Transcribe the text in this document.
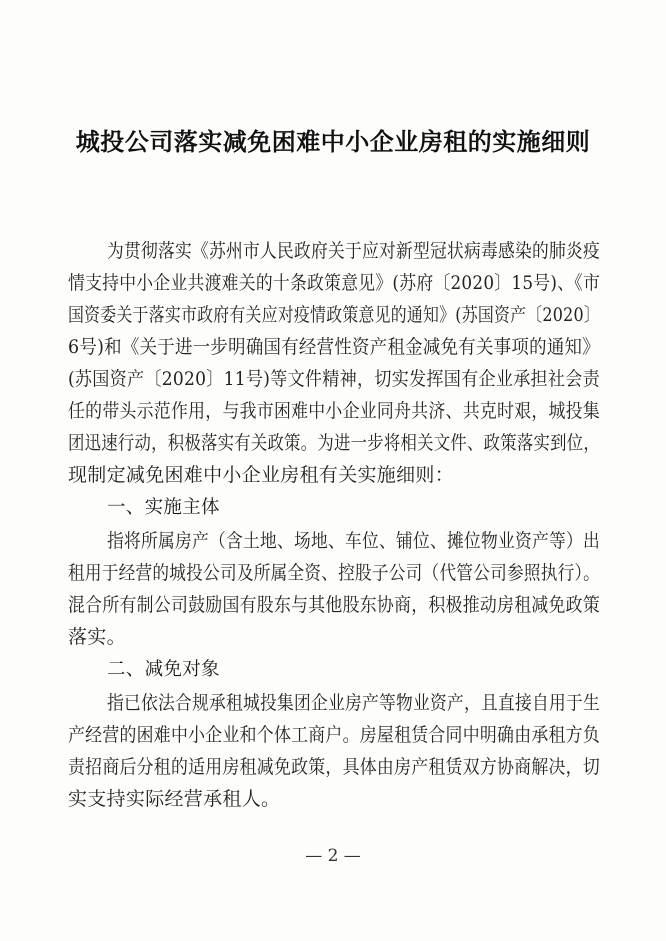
城投公司落实减免困难中小企业房租的实施细则
为贯彻落实《苏州市人民政府关于应对新型冠状病毒感染的肺炎疫
情支持中小企业共渡难关的十条政策意见》(苏府〔2020〕15号)、《市
国资委关于落实市政府有关应对疫情政策意见的通知》(苏国资产〔2020〕
6号)和《关于进一步明确国有经营性资产租金减免有关事项的通知》
(苏国资产〔2020〕11号)等文件精神，切实发挥国有企业承担社会责
任的带头示范作用，与我市困难中小企业同舟共济、共克时艰，城投集
团迅速行动，积极落实有关政策。为进一步将相关文件、政策落实到位，
现制定减免困难中小企业房租有关实施细则：
一、实施主体
指将所属房产（含土地、场地、车位、铺位、摊位物业资产等）出
租用于经营的城投公司及所属全资、控股子公司（代管公司参照执行）。
混合所有制公司鼓励国有股东与其他股东协商，积极推动房租减免政策
落实。
二、减免对象
指已依法合规承租城投集团企业房产等物业资产，且直接自用于生
产经营的困难中小企业和个体工商户。房屋租赁合同中明确由承租方负
责招商后分租的适用房租减免政策，具体由房产租赁双方协商解决，切
实支持实际经营承租人。
— 2 —
